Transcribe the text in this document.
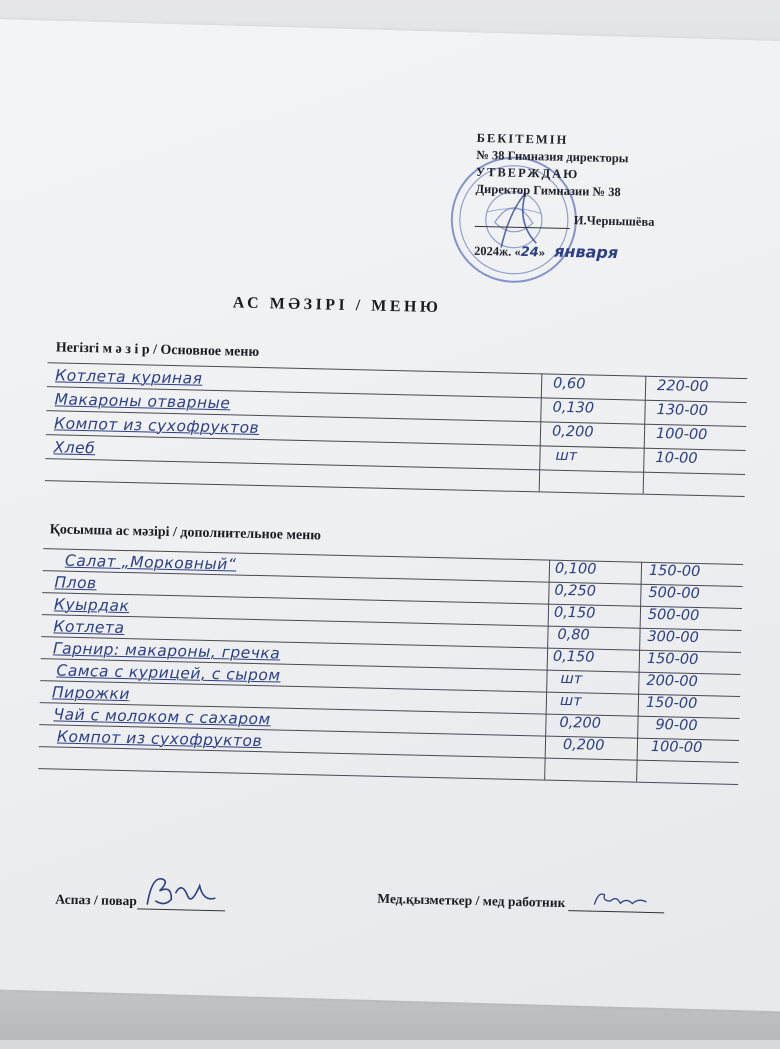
БЕКІТЕМІН
№ 38 Гимназия директоры
УТВЕРЖДАЮ
Директор Гимназии № 38
И.Чернышёва
2024ж. «24» января
АС МӘЗІРІ / МЕНЮ
Негізгі м ә з і р / Основное меню
Котлета куриная	0,60	220-00
Макароны отварные	0,130	130-00
Компот из сухофруктов	0,200	100-00
Хлеб	шт	10-00
Қосымша ас мәзірі / дополнительное меню
Салат „Морковный“	0,100	150-00
Плов	0,250	500-00
Куырдак	0,150	500-00
Котлета	0,80	300-00
Гарнир: макароны, гречка	0,150	150-00
Самса с курицей, с сыром	шт	200-00
Пирожки	шт	150-00
Чай с молоком с сахаром	0,200	90-00
Компот из сухофруктов	0,200	100-00
Аспаз / повар	Мед.қызметкер / мед работник
